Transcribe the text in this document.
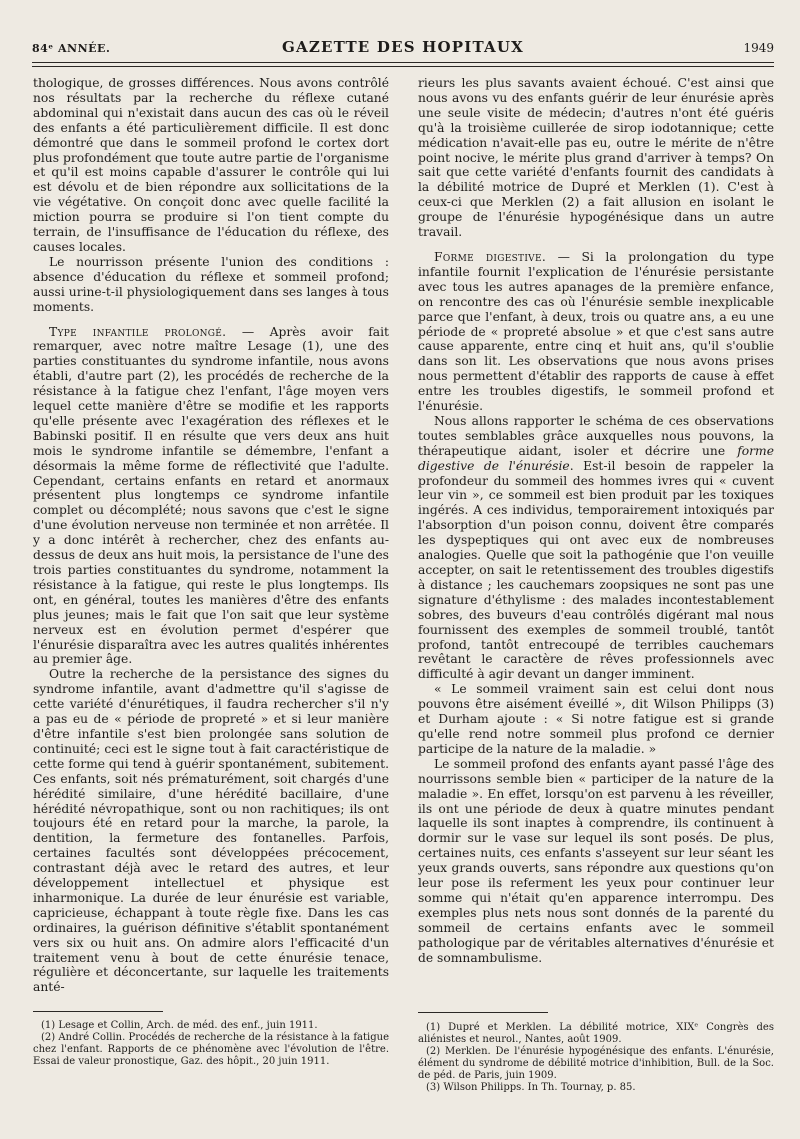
84ᵉ ANNÉE.	GAZETTE DES HOPITAUX	1949

thologique, de grosses différences. Nous avons contrôlé nos résultats par la recherche du réflexe cutané abdominal qui n'existait dans aucun des cas où le réveil des enfants a été particulièrement difficile. Il est donc démontré que dans le sommeil profond le cortex dort plus profondément que toute autre partie de l'organisme et qu'il est moins capable d'assurer le contrôle qui lui est dévolu et de bien répondre aux sollicitations de la vie végétative. On conçoit donc avec quelle facilité la miction pourra se produire si l'on tient compte du terrain, de l'insuffisance de l'éducation du réflexe, des causes locales.

Le nourrisson présente l'union des conditions : absence d'éducation du réflexe et sommeil profond; aussi urine-t-il physiologiquement dans ses langes à tous moments.

Type infantile prolongé. — Après avoir fait remarquer, avec notre maître Lesage (1), une des parties constituantes du syndrome infantile, nous avons établi, d'autre part (2), les procédés de recherche de la résistance à la fatigue chez l'enfant, l'âge moyen vers lequel cette manière d'être se modifie et les rapports qu'elle présente avec l'exagération des réflexes et le Babinski positif. Il en résulte que vers deux ans huit mois le syndrome infantile se démembre, l'enfant a désormais la même forme de réflectivité que l'adulte. Cependant, certains enfants en retard et anormaux présentent plus longtemps ce syndrome infantile complet ou décomplété; nous savons que c'est le signe d'une évolution nerveuse non terminée et non arrêtée. Il y a donc intérêt à rechercher, chez des enfants au-dessus de deux ans huit mois, la persistance de l'une des trois parties constituantes du syndrome, notamment la résistance à la fatigue, qui reste le plus longtemps. Ils ont, en général, toutes les manières d'être des enfants plus jeunes; mais le fait que l'on sait que leur système nerveux est en évolution permet d'espérer que l'énurésie disparaîtra avec les autres qualités inhérentes au premier âge.

Outre la recherche de la persistance des signes du syndrome infantile, avant d'admettre qu'il s'agisse de cette variété d'énurétiques, il faudra rechercher s'il n'y a pas eu de « période de propreté » et si leur manière d'être infantile s'est bien prolongée sans solution de continuité; ceci est le signe tout à fait caractéristique de cette forme qui tend à guérir spontanément, subitement. Ces enfants, soit nés prématurément, soit chargés d'une hérédité similaire, d'une hérédité bacillaire, d'une hérédité névropathique, sont ou non rachitiques; ils ont toujours été en retard pour la marche, la parole, la dentition, la fermeture des fontanelles. Parfois, certaines facultés sont développées précocement, contrastant déjà avec le retard des autres, et leur développement intellectuel et physique est inharmonique. La durée de leur énurésie est variable, capricieuse, échappant à toute règle fixe. Dans les cas ordinaires, la guérison définitive s'établit spontanément vers six ou huit ans. On admire alors l'efficacité d'un traitement venu à bout de cette énurésie tenace, régulière et déconcertante, sur laquelle les traitements anté-

rieurs les plus savants avaient échoué. C'est ainsi que nous avons vu des enfants guérir de leur énurésie après une seule visite de médecin; d'autres n'ont été guéris qu'à la troisième cuillerée de sirop iodotannique; cette médication n'avait-elle pas eu, outre le mérite de n'être point nocive, le mérite plus grand d'arriver à temps? On sait que cette variété d'enfants fournit des candidats à la débilité motrice de Dupré et Merklen (1). C'est à ceux-ci que Merklen (2) a fait allusion en isolant le groupe de l'énurésie hypogénésique dans un autre travail.

Forme digestive. — Si la prolongation du type infantile fournit l'explication de l'énurésie persistante avec tous les autres apanages de la première enfance, on rencontre des cas où l'énurésie semble inexplicable parce que l'enfant, à deux, trois ou quatre ans, a eu une période de « propreté absolue » et que c'est sans autre cause apparente, entre cinq et huit ans, qu'il s'oublie dans son lit. Les observations que nous avons prises nous permettent d'établir des rapports de cause à effet entre les troubles digestifs, le sommeil profond et l'énurésie.

Nous allons rapporter le schéma de ces observations toutes semblables grâce auxquelles nous pouvons, la thérapeutique aidant, isoler et décrire une forme digestive de l'énurésie. Est-il besoin de rappeler la profondeur du sommeil des hommes ivres qui « cuvent leur vin », ce sommeil est bien produit par les toxiques ingérés. A ces individus, temporairement intoxiqués par l'absorption d'un poison connu, doivent être comparés les dyspeptiques qui ont avec eux de nombreuses analogies. Quelle que soit la pathogénie que l'on veuille accepter, on sait le retentissement des troubles digestifs à distance ; les cauchemars zoopsiques ne sont pas une signature d'éthylisme : des malades incontestablement sobres, des buveurs d'eau contrôlés digérant mal nous fournissent des exemples de sommeil troublé, tantôt profond, tantôt entrecoupé de terribles cauchemars revêtant le caractère de rêves professionnels avec difficulté à agir devant un danger imminent.

« Le sommeil vraiment sain est celui dont nous pouvons être aisément éveillé », dit Wilson Philipps (3) et Durham ajoute : « Si notre fatigue est si grande qu'elle rend notre sommeil plus profond ce dernier participe de la nature de la maladie. »

Le sommeil profond des enfants ayant passé l'âge des nourrissons semble bien « participer de la nature de la maladie ». En effet, lorsqu'on est parvenu à les réveiller, ils ont une période de deux à quatre minutes pendant laquelle ils sont inaptes à comprendre, ils continuent à dormir sur le vase sur lequel ils sont posés. De plus, certaines nuits, ces enfants s'asseyent sur leur séant les yeux grands ouverts, sans répondre aux questions qu'on leur pose ils referment les yeux pour continuer leur somme qui n'était qu'en apparence interrompu. Des exemples plus nets nous sont donnés de la parenté du sommeil de certains enfants avec le sommeil pathologique par de véritables alternatives d'énurésie et de somnambulisme.

(1) Lesage et Collin, Arch. de méd. des enf., juin 1911.

(2) André Collin. Procédés de recherche de la résistance à la fatigue chez l'enfant. Rapports de ce phénomène avec l'évolution de l'être. Essai de valeur pronostique, Gaz. des hôpit., 20 juin 1911.

(1) Dupré et Merklen. La débilité motrice, XIXᵉ Congrès des aliénistes et neurol., Nantes, août 1909.

(2) Merklen. De l'énurésie hypogénésique des enfants. L'énurésie, élément du syndrome de débilité motrice d'inhibition, Bull. de la Soc. de péd. de Paris, juin 1909.

(3) Wilson Philipps. In Th. Tournay, p. 85.
